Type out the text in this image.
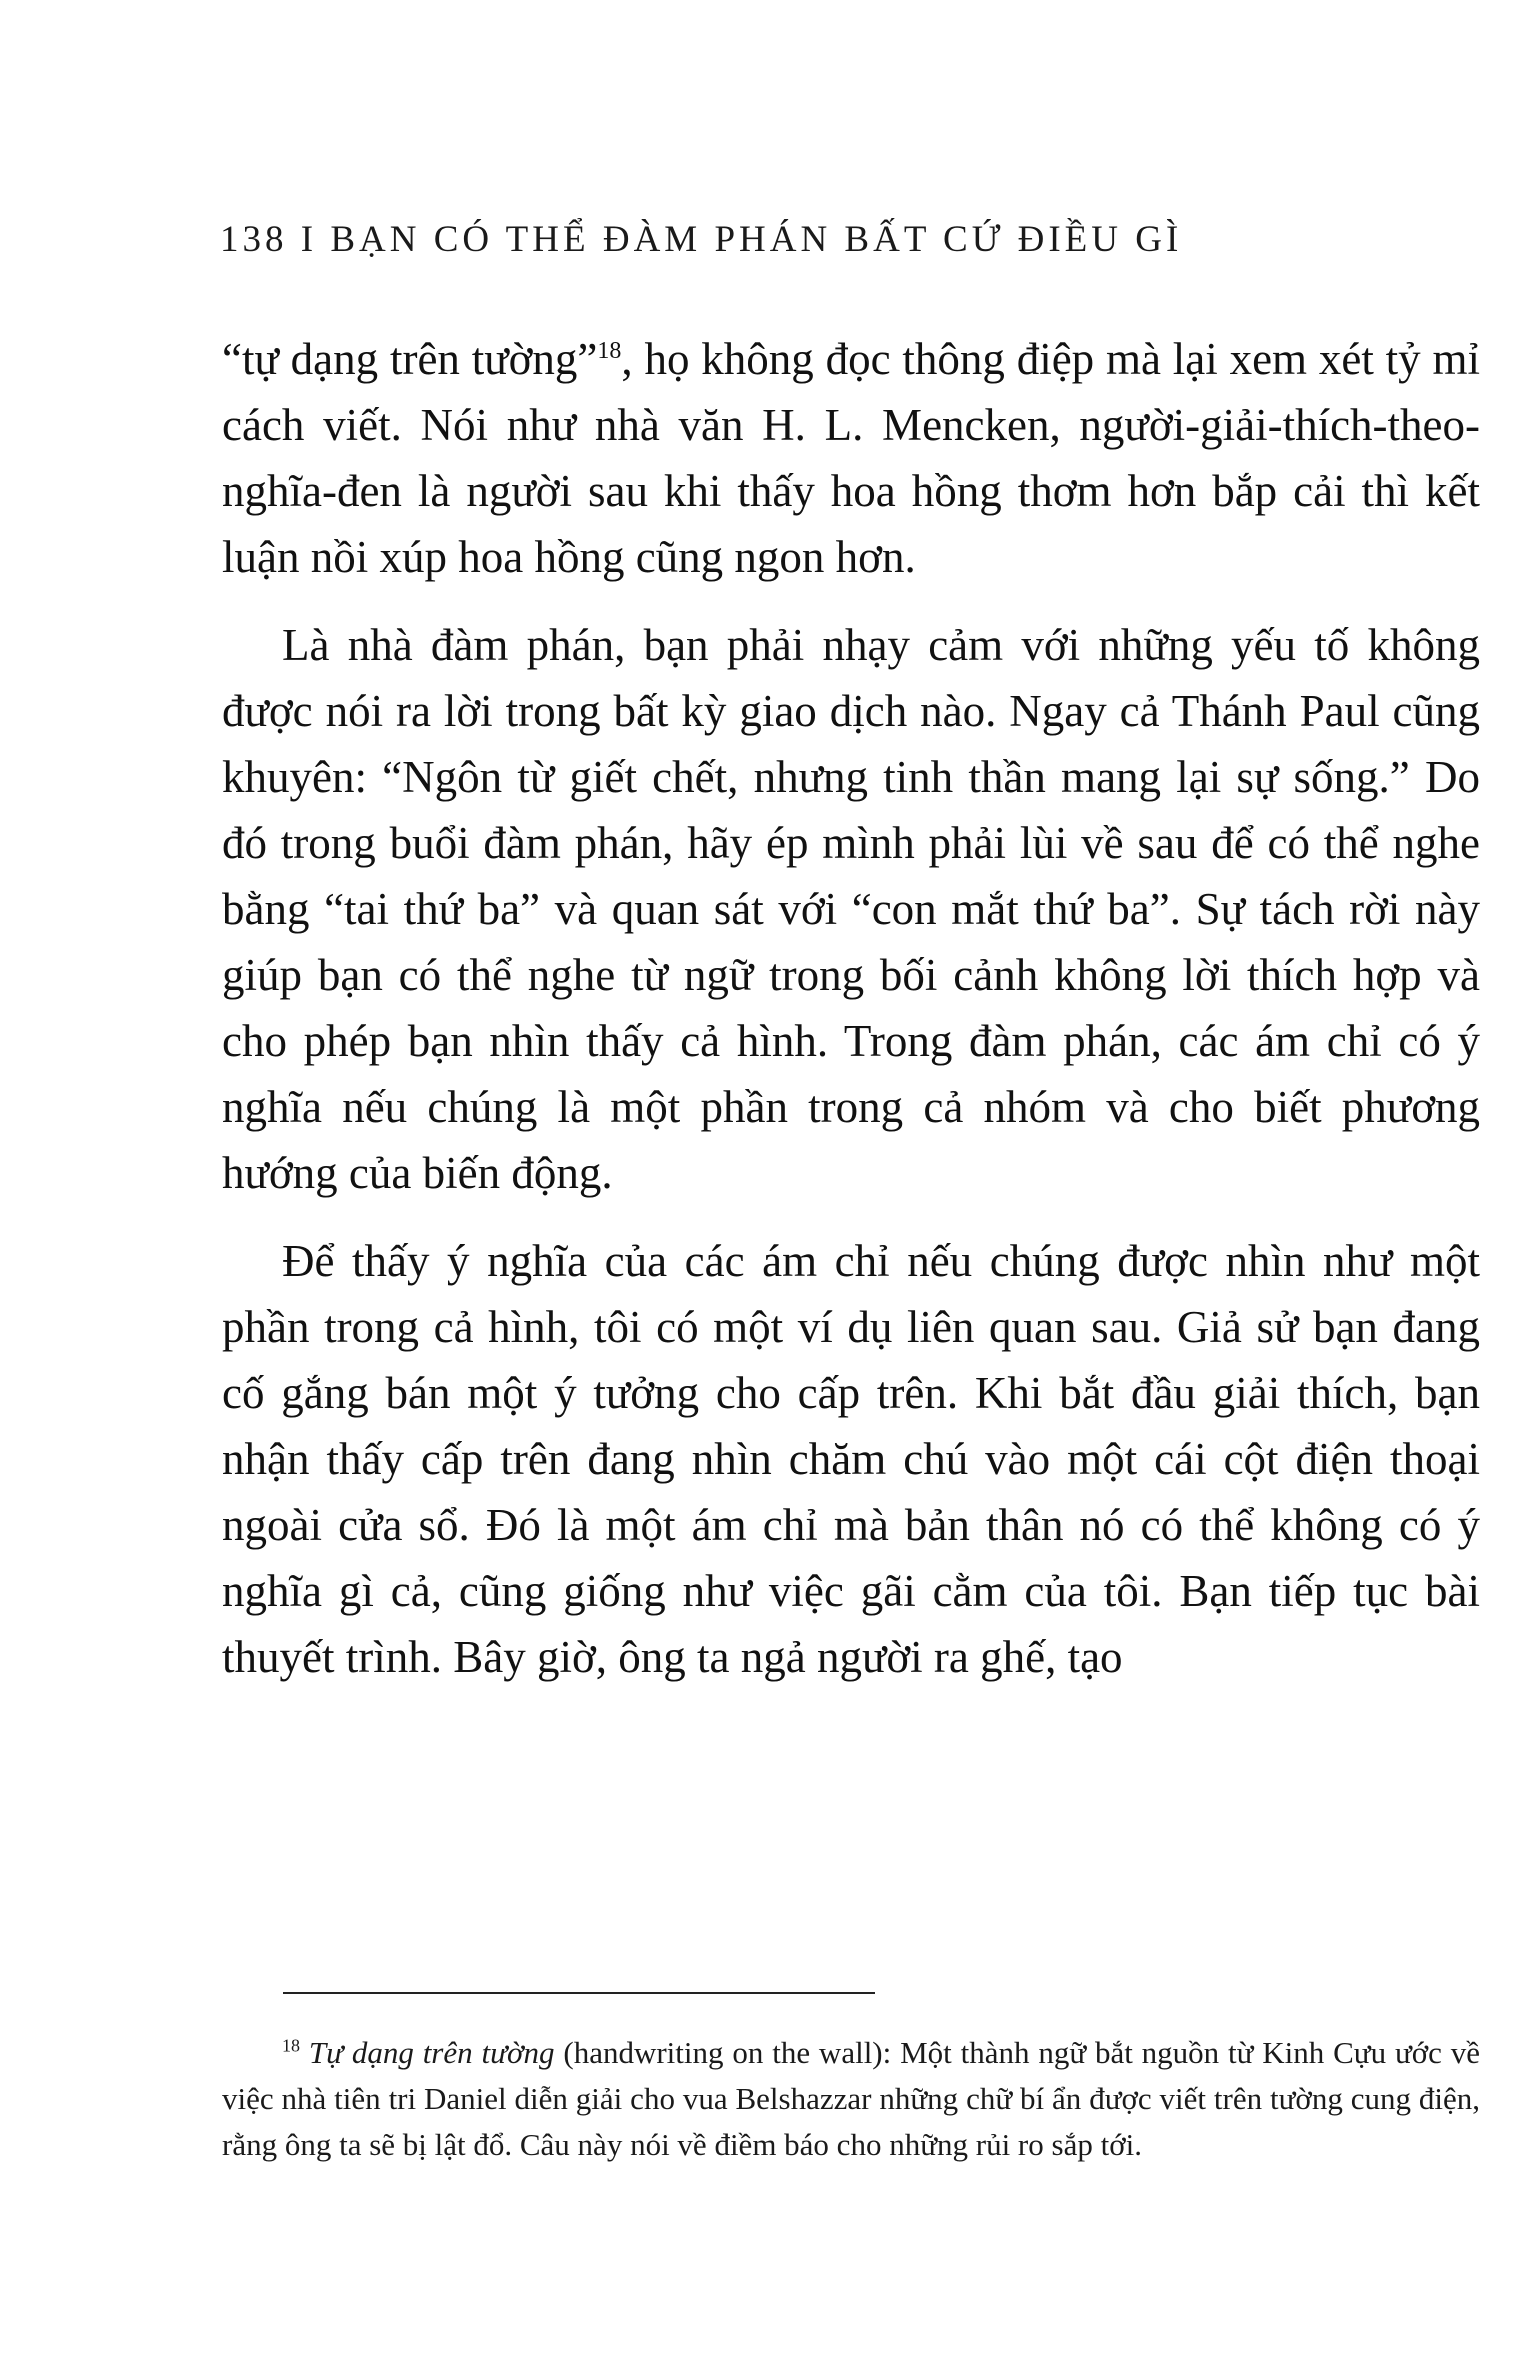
138 I BẠN CÓ THỂ ĐÀM PHÁN BẤT CỨ ĐIỀU GÌ

“tự dạng trên tường”$^{18}$, họ không đọc thông điệp mà lại xem xét tỷ mỉ cách viết. Nói như nhà văn H. L. Mencken, người-giải-thích-theo-nghĩa-đen là người sau khi thấy hoa hồng thơm hơn bắp cải thì kết luận nồi xúp hoa hồng cũng ngon hơn.

Là nhà đàm phán, bạn phải nhạy cảm với những yếu tố không được nói ra lời trong bất kỳ giao dịch nào. Ngay cả Thánh Paul cũng khuyên: “Ngôn từ giết chết, nhưng tinh thần mang lại sự sống.” Do đó trong buổi đàm phán, hãy ép mình phải lùi về sau để có thể nghe bằng “tai thứ ba” và quan sát với “con mắt thứ ba”. Sự tách rời này giúp bạn có thể nghe từ ngữ trong bối cảnh không lời thích hợp và cho phép bạn nhìn thấy cả hình. Trong đàm phán, các ám chỉ có ý nghĩa nếu chúng là một phần trong cả nhóm và cho biết phương hướng của biến động.

Để thấy ý nghĩa của các ám chỉ nếu chúng được nhìn như một phần trong cả hình, tôi có một ví dụ liên quan sau. Giả sử bạn đang cố gắng bán một ý tưởng cho cấp trên. Khi bắt đầu giải thích, bạn nhận thấy cấp trên đang nhìn chăm chú vào một cái cột điện thoại ngoài cửa sổ. Đó là một ám chỉ mà bản thân nó có thể không có ý nghĩa gì cả, cũng giống như việc gãi cằm của tôi. Bạn tiếp tục bài thuyết trình. Bây giờ, ông ta ngả người ra ghế, tạo

$^{18}$ Tự dạng trên tường (handwriting on the wall): Một thành ngữ bắt nguồn từ Kinh Cựu ước về việc nhà tiên tri Daniel diễn giải cho vua Belshazzar những chữ bí ẩn được viết trên tường cung điện, rằng ông ta sẽ bị lật đổ. Câu này nói về điềm báo cho những rủi ro sắp tới.
